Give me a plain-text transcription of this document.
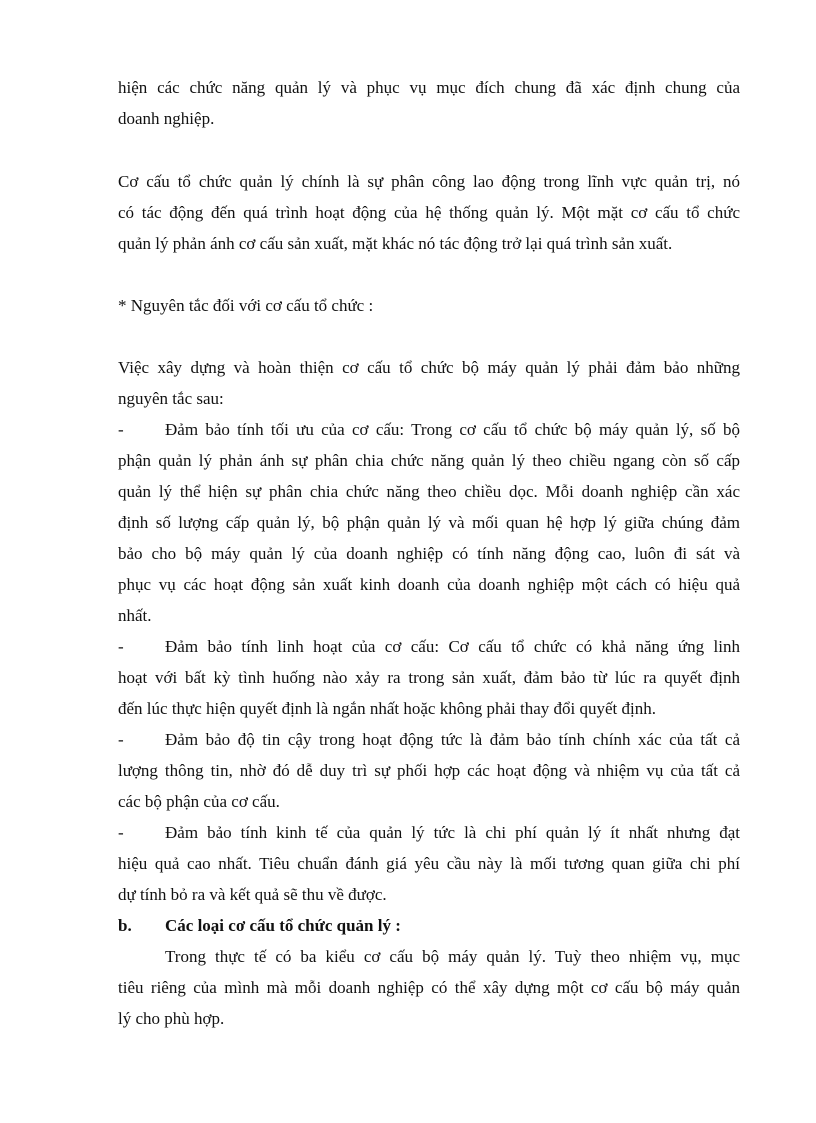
hiện các chức năng quản lý và phục vụ mục đích chung đã xác định chung của
doanh nghiệp.
Cơ cấu tổ chức quản lý chính là sự phân công lao động trong lĩnh vực quản trị, nó
có tác động đến quá trình hoạt động của hệ thống quản lý. Một mặt cơ cấu tổ chức
quản lý phản ánh cơ cấu sản xuất, mặt khác nó tác động trở lại quá trình sản xuất.
* Nguyên tắc đối với cơ cấu tổ chức :
Việc xây dựng và hoàn thiện cơ cấu tổ chức bộ máy quản lý phải đảm bảo những
nguyên tắc sau:
- Đảm bảo tính tối ưu của cơ cấu: Trong cơ cấu tổ chức bộ máy quản lý, số bộ
phận quản lý phản ánh sự phân chia chức năng quản lý theo chiều ngang còn số cấp
quản lý thể hiện sự phân chia chức năng theo chiều dọc. Mỗi doanh nghiệp cần xác
định số lượng cấp quản lý, bộ phận quản lý và mối quan hệ hợp lý giữa chúng đảm
bảo cho bộ máy quản lý của doanh nghiệp có tính năng động cao, luôn đi sát và
phục vụ các hoạt động sản xuất kinh doanh của doanh nghiệp một cách có hiệu quả
nhất.
- Đảm bảo tính linh hoạt của cơ cấu: Cơ cấu tổ chức có khả năng ứng linh
hoạt với bất kỳ tình huống nào xảy ra trong sản xuất, đảm bảo từ lúc ra quyết định
đến lúc thực hiện quyết định là ngắn nhất hoặc không phải thay đổi quyết định.
- Đảm bảo độ tin cậy trong hoạt động tức là đảm bảo tính chính xác của tất cả
lượng thông tin, nhờ đó dễ duy trì sự phối hợp các hoạt động và nhiệm vụ của tất cả
các bộ phận của cơ cấu.
- Đảm bảo tính kinh tế của quản lý tức là chi phí quản lý ít nhất nhưng đạt
hiệu quả cao nhất. Tiêu chuẩn đánh giá yêu cầu này là mối tương quan giữa chi phí
dự tính bỏ ra và kết quả sẽ thu về được.
b. Các loại cơ cấu tổ chức quản lý :
Trong thực tế có ba kiểu cơ cấu bộ máy quản lý. Tuỳ theo nhiệm vụ, mục
tiêu riêng của mình mà mỗi doanh nghiệp có thể xây dựng một cơ cấu bộ máy quản
lý cho phù hợp.
